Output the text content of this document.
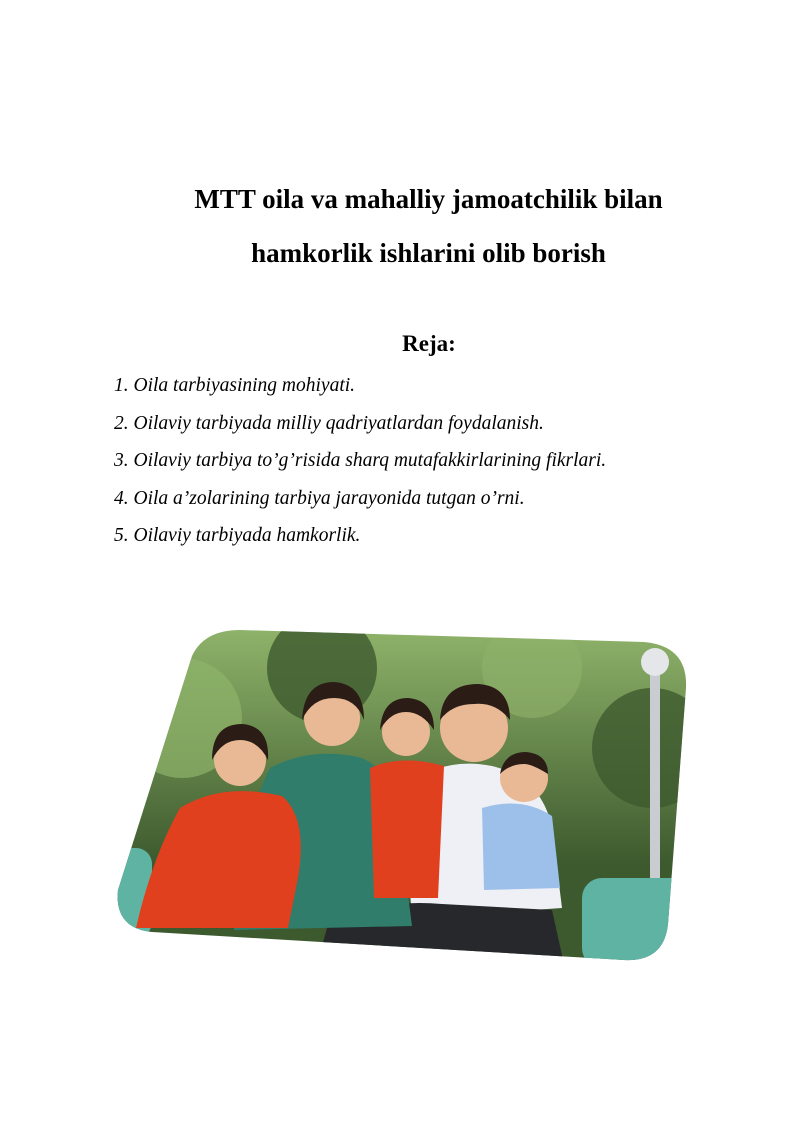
MTT oila va mahalliy jamoatchilik bilan
hamkorlik ishlarini olib borish
Reja:
1. Oila tarbiyasining mohiyati.
2. Oilaviy tarbiyada milliy qadriyatlardan foydalanish.
3. Oilaviy tarbiya to’g’risida sharq mutafakkirlarining fikrlari.
4. Oila a’zolarining tarbiya jarayonida tutgan o’rni.
5. Oilaviy tarbiyada hamkorlik.
